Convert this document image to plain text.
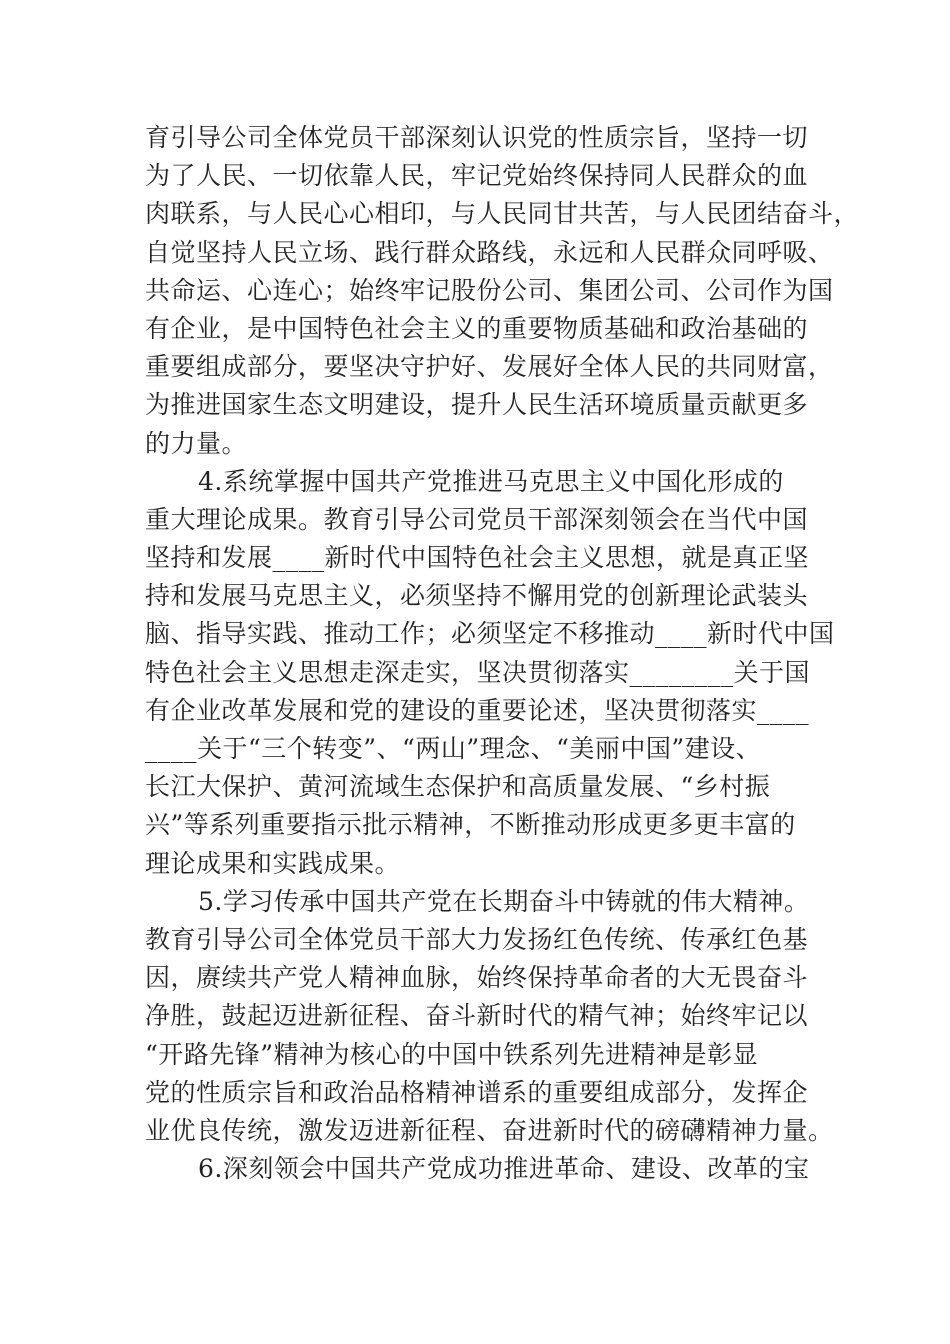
育引导公司全体党员干部深刻认识党的性质宗旨，坚持一切
为了人民、一切依靠人民，牢记党始终保持同人民群众的血
肉联系，与人民心心相印，与人民同甘共苦，与人民团结奋斗，
自觉坚持人民立场、践行群众路线，永远和人民群众同呼吸、
共命运、心连心；始终牢记股份公司、集团公司、公司作为国
有企业，是中国特色社会主义的重要物质基础和政治基础的
重要组成部分，要坚决守护好、发展好全体人民的共同财富，
为推进国家生态文明建设，提升人民生活环境质量贡献更多
的力量。
4.系统掌握中国共产党推进马克思主义中国化形成的
重大理论成果。教育引导公司党员干部深刻领会在当代中国
坚持和发展____新时代中国特色社会主义思想，就是真正坚
持和发展马克思主义，必须坚持不懈用党的创新理论武装头
脑、指导实践、推动工作；必须坚定不移推动____新时代中国
特色社会主义思想走深走实，坚决贯彻落实________关于国
有企业改革发展和党的建设的重要论述，坚决贯彻落实____
____关于“三个转变”、“两山”理念、“美丽中国”建设、
长江大保护、黄河流域生态保护和高质量发展、“乡村振
兴”等系列重要指示批示精神，不断推动形成更多更丰富的
理论成果和实践成果。
5.学习传承中国共产党在长期奋斗中铸就的伟大精神。
教育引导公司全体党员干部大力发扬红色传统、传承红色基
因，赓续共产党人精神血脉，始终保持革命者的大无畏奋斗
净胜，鼓起迈进新征程、奋斗新时代的精气神；始终牢记以
“开路先锋”精神为核心的中国中铁系列先进精神是彰显
党的性质宗旨和政治品格精神谱系的重要组成部分，发挥企
业优良传统，激发迈进新征程、奋进新时代的磅礴精神力量。
6.深刻领会中国共产党成功推进革命、建设、改革的宝
